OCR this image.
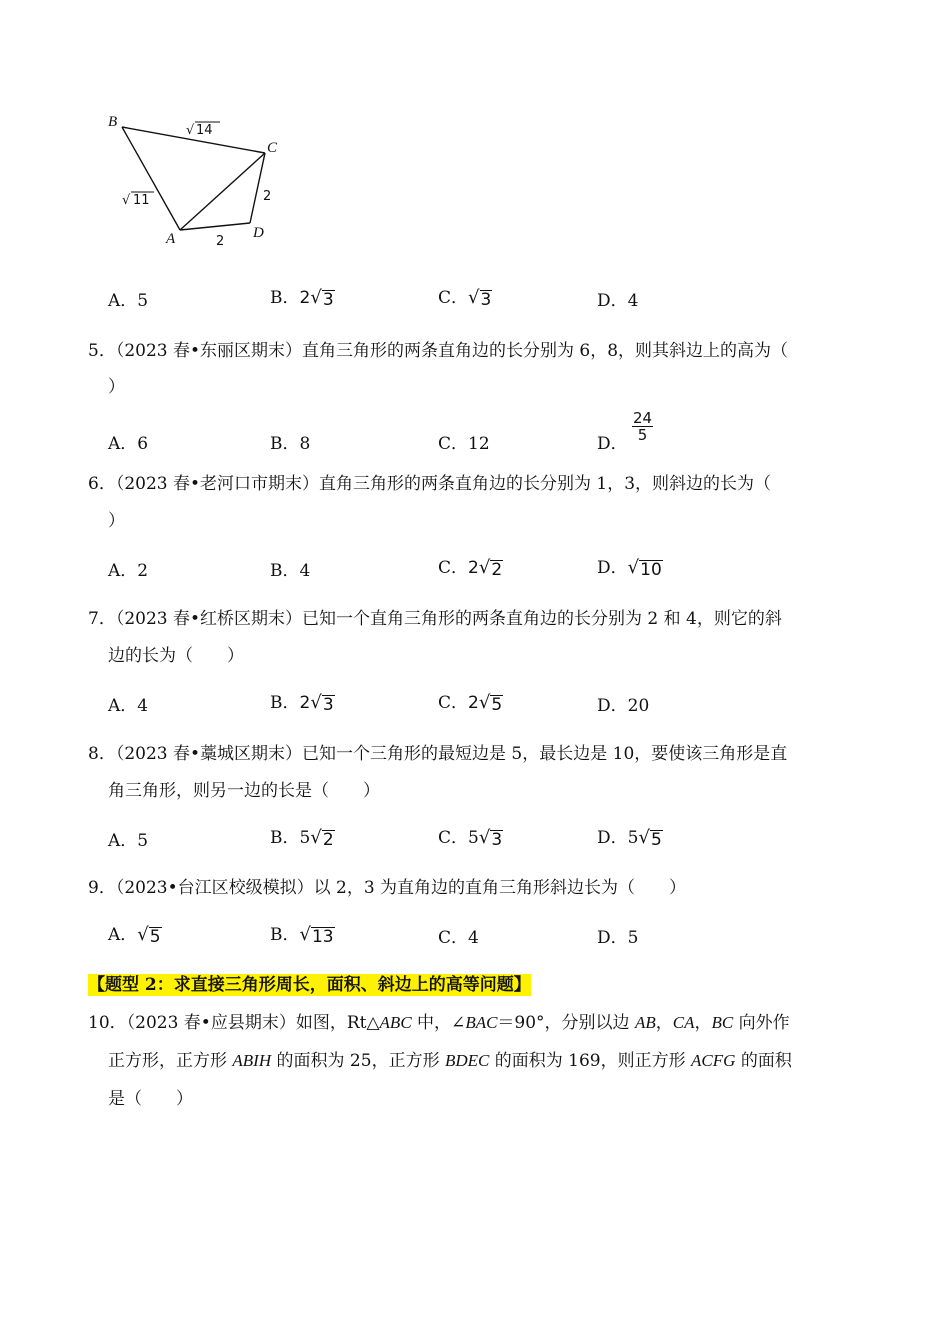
B
C
A	D
√ 14
√ 11
2
2
A．5	B．2 √ 3	C． √ 3	D．4
5．（2023 春•东丽区期末）直角三角形的两条直角边的长分别为 6，8，则其斜边上的高为（
）
A．6	B．8	C．12	D．
$\frac{24}{5}$
6．（2023 春•老河口市期末）直角三角形的两条直角边的长分别为 1，3，则斜边的长为（
）
A．2	B．4	C．2 √ 2	D． √ 10
7．（2023 春•红桥区期末）已知一个直角三角形的两条直角边的长分别为 2 和 4，则它的斜
边的长为（　　）
A．4	B．2 √ 3	C．2 √ 5	D．20
8．（2023 春•藁城区期末）已知一个三角形的最短边是 5，最长边是 10，要使该三角形是直
角三角形，则另一边的长是（　　）
A．5	B．5 √ 2	C．5 √ 3	D．5 √ 5
9．（2023•台江区校级模拟）以 2，3 为直角边的直角三角形斜边长为（　　）
A． √ 5	B． √ 13	C．4	D．5
【题型 2：求直接三角形周长，面积、斜边上的高等问题】
10．（2023 春•应县期末）如图，Rt△ABC 中，∠BAC＝90°，分别以边 AB，CA，BC 向外作
正方形，正方形 ABIH 的面积为 25，正方形 BDEC 的面积为 169，则正方形 ACFG 的面积
是（　　）
